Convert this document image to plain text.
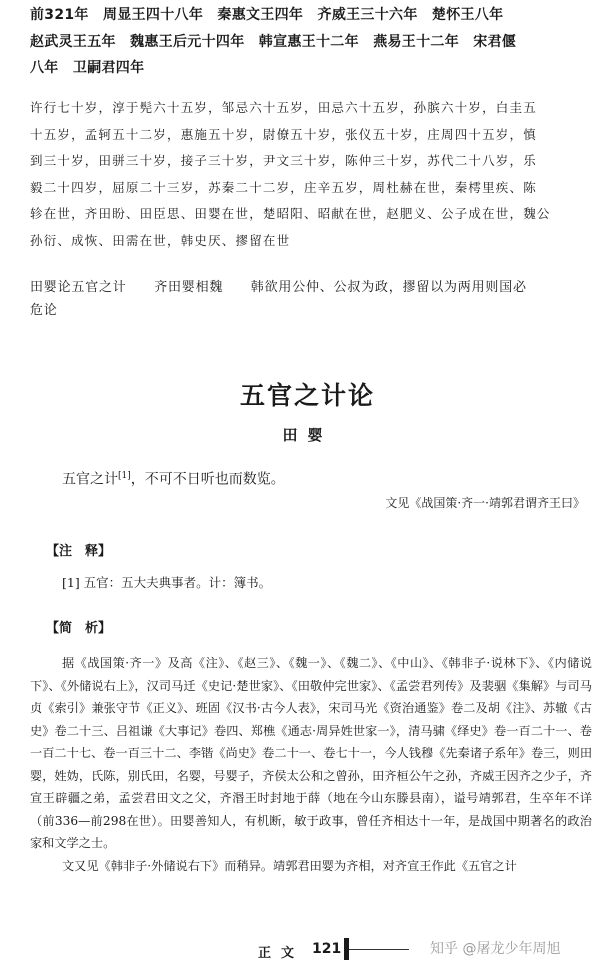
前321年　周显王四十八年　秦惠文王四年　齐威王三十六年　楚怀王八年
赵武灵王五年　魏惠王后元十四年　韩宣惠王十二年　燕易王十二年　宋君偃
八年　卫嗣君四年
许行七十岁，淳于髡六十五岁，邹忌六十五岁，田忌六十五岁，孙膑六十岁，白圭五
十五岁，孟轲五十二岁，惠施五十岁，尉僚五十岁，张仪五十岁，庄周四十五岁，慎
到三十岁，田骈三十岁，接子三十岁，尹文三十岁，陈仲三十岁，苏代二十八岁，乐
毅二十四岁，屈原二十三岁，苏秦二十二岁，庄辛五岁，周杜赫在世，秦樗里疾、陈
轸在世，齐田盼、田臣思、田婴在世，楚昭阳、昭献在世，赵肥义、公子成在世，魏公
孙衍、成恢、田需在世，韩史厌、摎留在世
田婴论五官之计　　齐田婴相魏　　韩欲用公仲、公叔为政，摎留以为两用则国必
危论
五官之计论
田婴
五官之计[1]，不可不日听也而数览。
文见《战国策·齐一·靖郭君谓齐王曰》
【注　释】
[1] 五官：五大夫典事者。计：簿书。
【简　析】

据《战国策·齐一》及高《注》、《赵三》、《魏一》、《魏二》、《中山》、《韩非子·说林下》、《内储说下》、《外储说右上》，汉司马迁《史记·楚世家》、《田敬仲完世家》、《孟尝君列传》及裴骃《集解》与司马贞《索引》兼张守节《正义》、班固《汉书·古今人表》，宋司马光《资治通鉴》卷二及胡《注》、苏辙《古史》卷二十三、吕祖谦《大事记》卷四、郑樵《通志·周异姓世家一》，清马骕《绎史》卷一百二十一、卷一百二十七、卷一百三十二、李锴《尚史》卷二十一、卷七十一，今人钱穆《先秦诸子系年》卷三，则田婴，姓妫，氏陈，别氏田，名婴，号婴子，齐侯太公和之曾孙，田齐桓公午之孙，齐威王因齐之少子，齐宣王辟疆之弟，孟尝君田文之父，齐湣王时封地于薛（地在今山东滕县南），谥号靖郭君，生卒年不详（前336—前298在世）。田婴善知人，有机断，敏于政事，曾任齐相达十一年，是战国中期著名的政治家和文学之士。

文又见《韩非子·外储说右下》而稍异。靖郭君田婴为齐相，对齐宣王作此《五官之计

正文 121	知乎 @屠龙少年周旭
